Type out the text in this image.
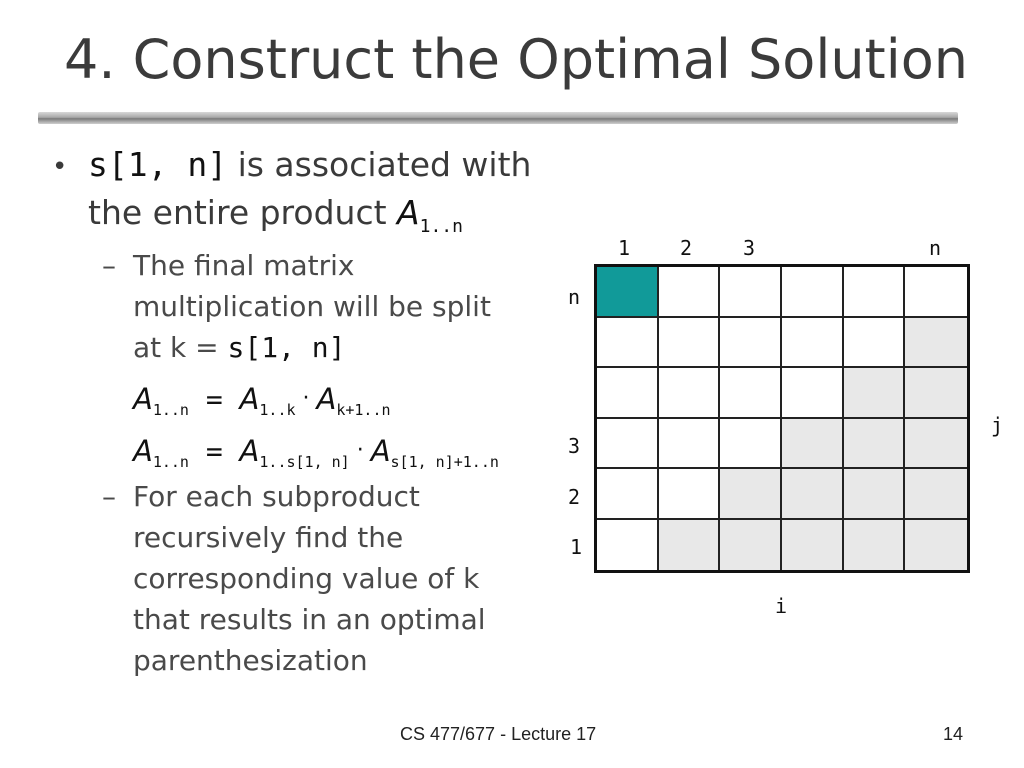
4. Construct the Optimal Solution
• s[1, n] is associated with
the entire product $A_{1..n}$
– The final matrix
multiplication will be split
at k = s[1, n]
$A_{1..n} = A_{1..k} \cdot A_{k+1..n}$
$A_{1..n} = A_{1..s[1, n]} \cdot A_{s[1, n]+1..n}$
– For each subproduct
recursively find the
corresponding value of k
that results in an optimal
parenthesization
1 2	3	n
n
3
2
1
j
i
CS 477/677 - Lecture 17	14
